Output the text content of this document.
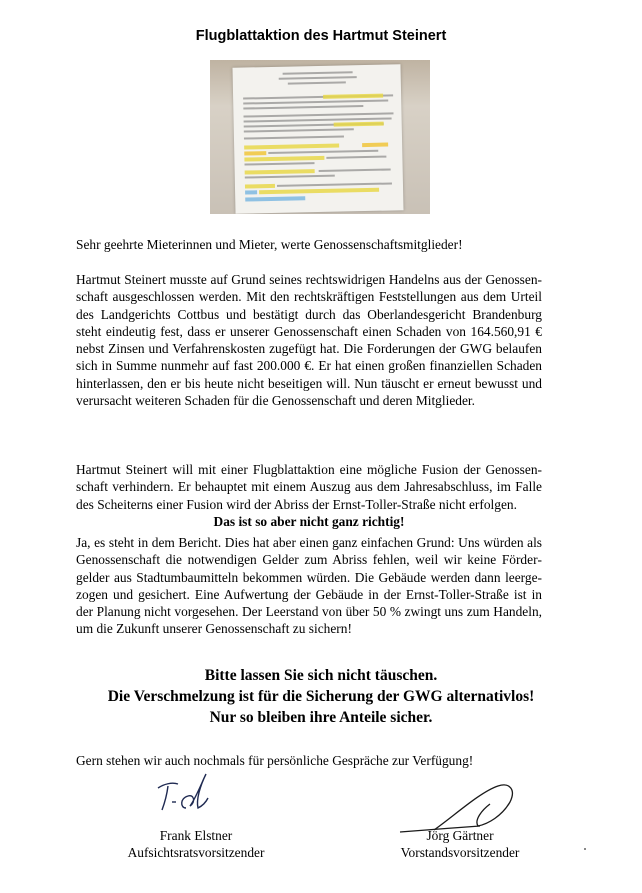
Flugblattaktion des Hartmut Steinert

Sehr geehrte Mieterinnen und Mieter, werte Genossenschaftsmitglieder!

Hartmut Steinert musste auf Grund seines rechtswidrigen Handelns aus der Genossenschaft ausgeschlossen werden. Mit den rechtskräftigen Feststellungen aus dem Urteil des Landgerichts Cottbus und bestätigt durch das Oberlandesgericht Brandenburg steht eindeutig fest, dass er unserer Genossenschaft einen Schaden von 164.560,91 € nebst Zinsen und Verfahrenskosten zugefügt hat. Die Forderungen der GWG belaufen sich in Summe nunmehr auf fast 200.000 €. Er hat einen großen finanziellen Schaden hinterlassen, den er bis heute nicht beseitigen will. Nun täuscht er erneut bewusst und verursacht weiteren Schaden für die Genossenschaft und deren Mitglieder.

Hartmut Steinert will mit einer Flugblattaktion eine mögliche Fusion der Genossenschaft verhindern. Er behauptet mit einem Auszug aus dem Jahresabschluss, im Falle des Scheiterns einer Fusion wird der Abriss der Ernst-Toller-Straße nicht erfolgen.

Das ist so aber nicht ganz richtig!

Ja, es steht in dem Bericht. Dies hat aber einen ganz einfachen Grund: Uns würden als Genossenschaft die notwendigen Gelder zum Abriss fehlen, weil wir keine Fördergelder aus Stadtumbaumitteln bekommen würden. Die Gebäude werden dann leergezogen und gesichert. Eine Aufwertung der Gebäude in der Ernst-Toller-Straße ist in der Planung nicht vorgesehen. Der Leerstand von über 50 % zwingt uns zum Handeln, um die Zukunft unserer Genossenschaft zu sichern!

Bitte lassen Sie sich nicht täuschen.
Die Verschmelzung ist für die Sicherung der GWG alternativlos!
Nur so bleiben ihre Anteile sicher.

Gern stehen wir auch nochmals für persönliche Gespräche zur Verfügung!

Frank Elstner
Aufsichtsratsvorsitzender
Jörg Gärtner
Vorstandsvorsitzender
